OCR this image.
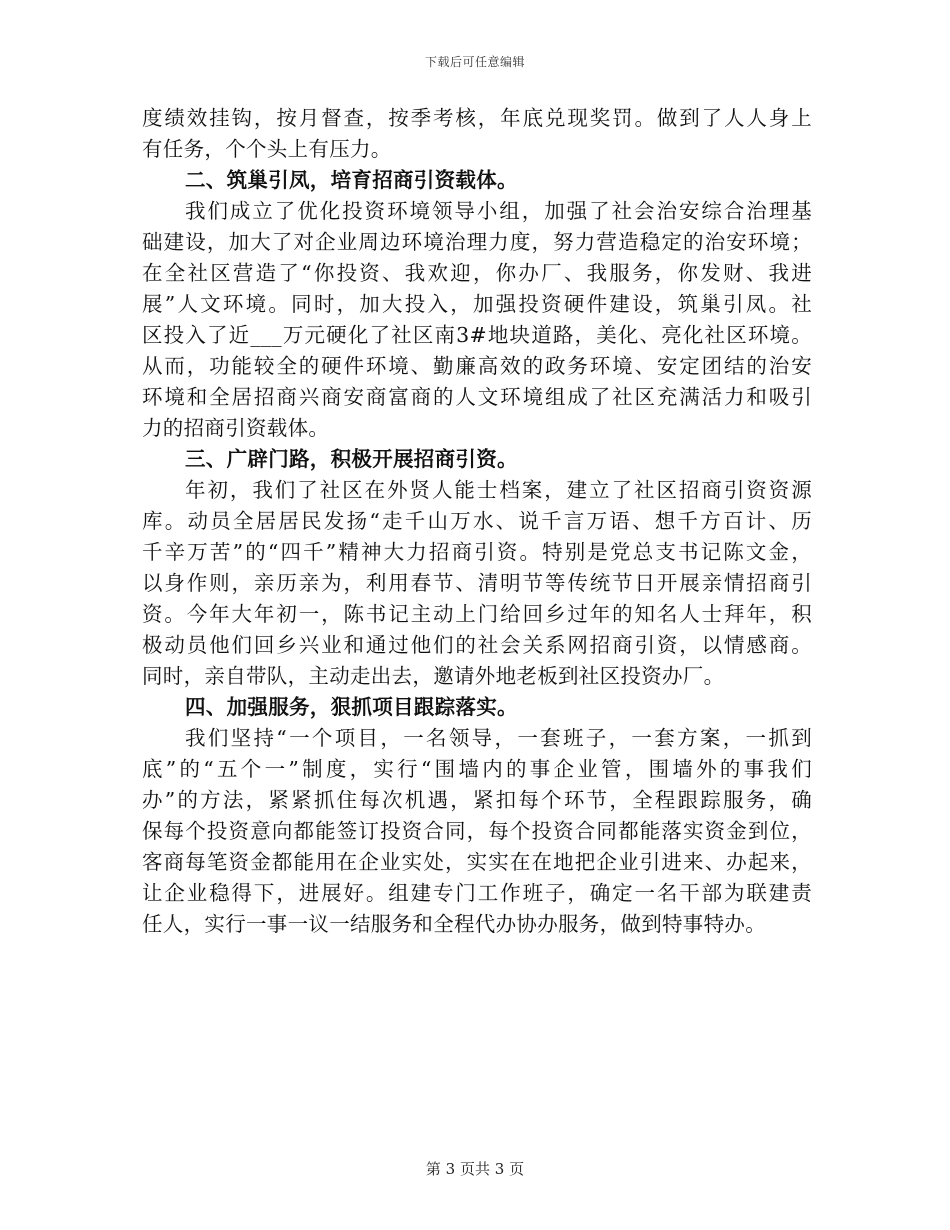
下载后可任意编辑
度绩效挂钩，按月督查，按季考核，年底兑现奖罚。做到了人人身上
有任务，个个头上有压力。
二、筑巢引凤，培育招商引资载体。
我们成立了优化投资环境领导小组，加强了社会治安综合治理基
础建设，加大了对企业周边环境治理力度，努力营造稳定的治安环境；
在全社区营造了“你投资、我欢迎，你办厂、我服务，你发财、我进
展”人文环境。同时，加大投入，加强投资硬件建设，筑巢引凤。社
区投入了近___万元硬化了社区南3#地块道路，美化、亮化社区环境。
从而，功能较全的硬件环境、勤廉高效的政务环境、安定团结的治安
环境和全居招商兴商安商富商的人文环境组成了社区充满活力和吸引
力的招商引资载体。
三、广辟门路，积极开展招商引资。
年初，我们了社区在外贤人能士档案，建立了社区招商引资资源
库。动员全居居民发扬“走千山万水、说千言万语、想千方百计、历
千辛万苦”的“四千”精神大力招商引资。特别是党总支书记陈文金，
以身作则，亲历亲为，利用春节、清明节等传统节日开展亲情招商引
资。今年大年初一，陈书记主动上门给回乡过年的知名人士拜年，积
极动员他们回乡兴业和通过他们的社会关系网招商引资，以情感商。
同时，亲自带队，主动走出去，邀请外地老板到社区投资办厂。
四、加强服务，狠抓项目跟踪落实。
我们坚持“一个项目，一名领导，一套班子，一套方案，一抓到
底”的“五个一”制度，实行“围墙内的事企业管，围墙外的事我们
办”的方法，紧紧抓住每次机遇，紧扣每个环节，全程跟踪服务，确
保每个投资意向都能签订投资合同，每个投资合同都能落实资金到位，
客商每笔资金都能用在企业实处，实实在在地把企业引进来、办起来，
让企业稳得下，进展好。组建专门工作班子，确定一名干部为联建责
任人，实行一事一议一结服务和全程代办协办服务，做到特事特办。
第 3 页共 3 页
